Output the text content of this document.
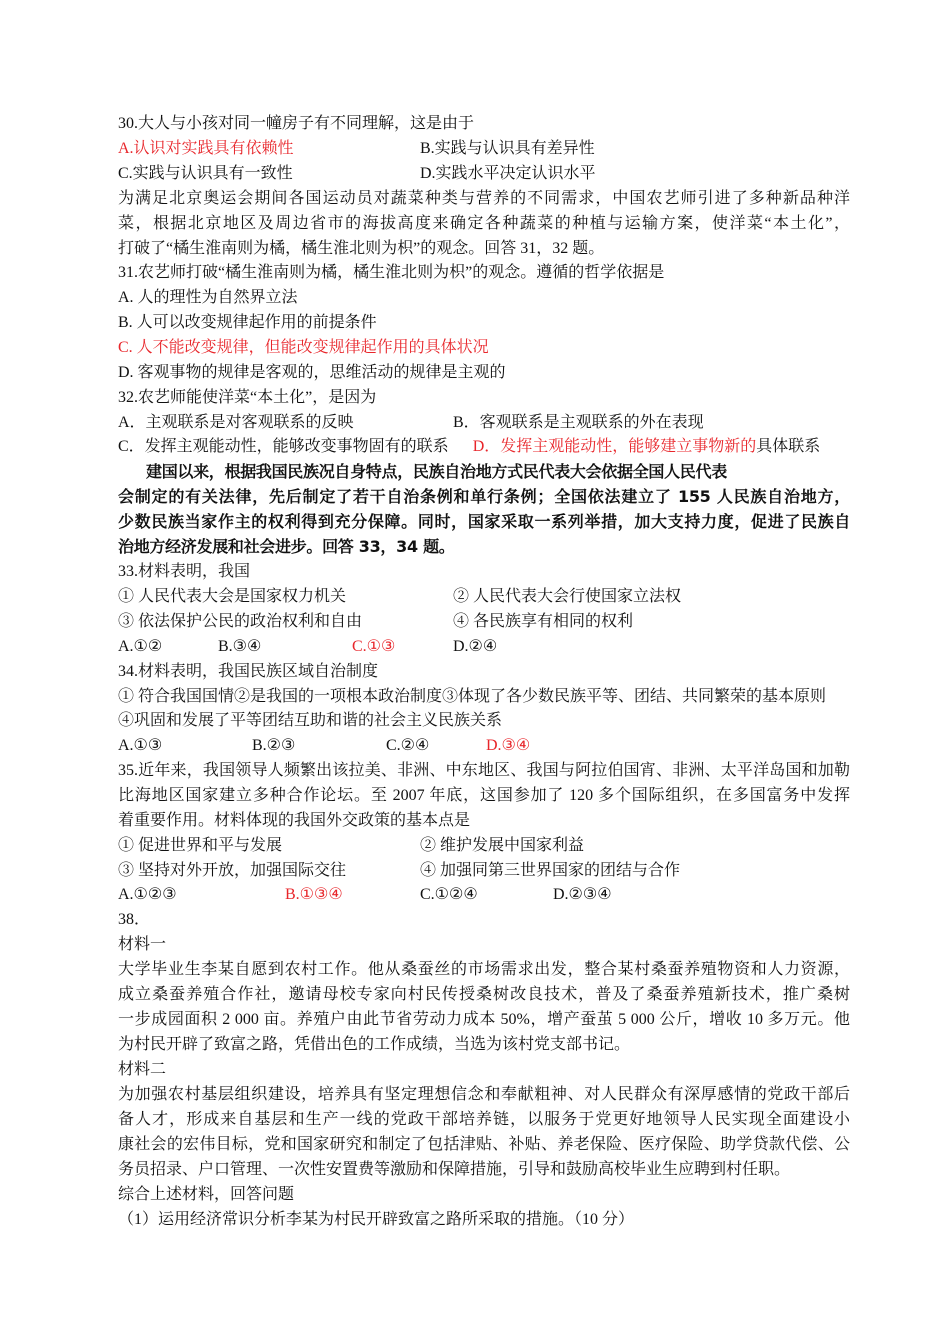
30.大人与小孩对同一幢房子有不同理解，这是由于
A.认识对实践具有依赖性	B.实践与认识具有差异性
C.实践与认识具有一致性	D.实践水平决定认识水平
为满足北京奥运会期间各国运动员对蔬菜种类与营养的不同需求，中国农艺师引进了多种新品种洋
菜，根据北京地区及周边省市的海拔高度来确定各种蔬菜的种植与运输方案，使洋菜“本土化”，
打破了“橘生淮南则为橘，橘生淮北则为枳”的观念。回答 31，32 题。
31.农艺师打破“橘生淮南则为橘，橘生淮北则为枳”的观念。遵循的哲学依据是
A. 人的理性为自然界立法
B. 人可以改变规律起作用的前提条件
C. 人不能改变规律，但能改变规律起作用的具体状况
D. 客观事物的规律是客观的，思维活动的规律是主观的
32.农艺师能使洋菜“本土化”，是因为
A．主观联系是对客观联系的反映	B．客观联系是主观联系的外在表现
C．发挥主观能动性，能够改变事物固有的联系 D．发挥主观能动性，能够建立事物新的具体联系
建国以来，根据我国民族况自身特点，民族自治地方式民代表大会依据全国人民代表
会制定的有关法律，先后制定了若干自治条例和单行条例；全国依法建立了 155 人民族自治地方，
少数民族当家作主的权利得到充分保障。同时，国家采取一系列举措，加大支持力度，促进了民族自
治地方经济发展和社会进步。回答 33，34 题。
33.材料表明，我国
① 人民代表大会是国家权力机关	② 人民代表大会行使国家立法权
③ 依法保护公民的政治权利和自由	④ 各民族享有相同的权利
A.①②	B.③④	C.①③	D.②④
34.材料表明，我国民族区域自治制度
① 符合我国国情②是我国的一项根本政治制度③体现了各少数民族平等、团结、共同繁荣的基本原则
④巩固和发展了平等团结互助和谐的社会主义民族关系
A.①③	B.②③	C.②④	D.③④
35.近年来，我国领导人频繁出该拉美、非洲、中东地区、我国与阿拉伯国宵、非洲、太平洋岛国和加勒
比海地区国家建立多种合作论坛。至 2007 年底，这国参加了 120 多个国际组织，在多国富务中发挥
着重要作用。材料体现的我国外交政策的基本点是
① 促进世界和平与发展	② 维护发展中国家利益
③ 坚持对外开放，加强国际交往	④ 加强同第三世界国家的团结与合作
A.①②③	B.①③④	C.①②④	D.②③④
38．
材料一
大学毕业生李某自愿到农村工作。他从桑蚕丝的市场需求出发，整合某村桑蚕养殖物资和人力资源，
成立桑蚕养殖合作社，邀请母校专家向村民传授桑树改良技术，普及了桑蚕养殖新技术，推广桑树
一步成园面积 2 000 亩。养殖户由此节省劳动力成本 50%，增产蚕茧 5 000 公斤，增收 10 多万元。他
为村民开辟了致富之路，凭借出色的工作成绩，当选为该村党支部书记。
材料二
为加强农村基层组织建设，培养具有坚定理想信念和奉献粗神、对人民群众有深厚感情的党政干部后
备人才，形成来自基层和生产一线的党政干部培养链，以服务于党更好地领导人民实现全面建设小
康社会的宏伟目标，党和国家研究和制定了包括津贴、补贴、养老保险、医疗保险、助学贷款代偿、公
务员招录、户口管理、一次性安置费等激励和保障措施，引导和鼓励高校毕业生应聘到村任职。
综合上述材料，回答问题
（1）运用经济常识分析李某为村民开辟致富之路所采取的措施。（10 分）
